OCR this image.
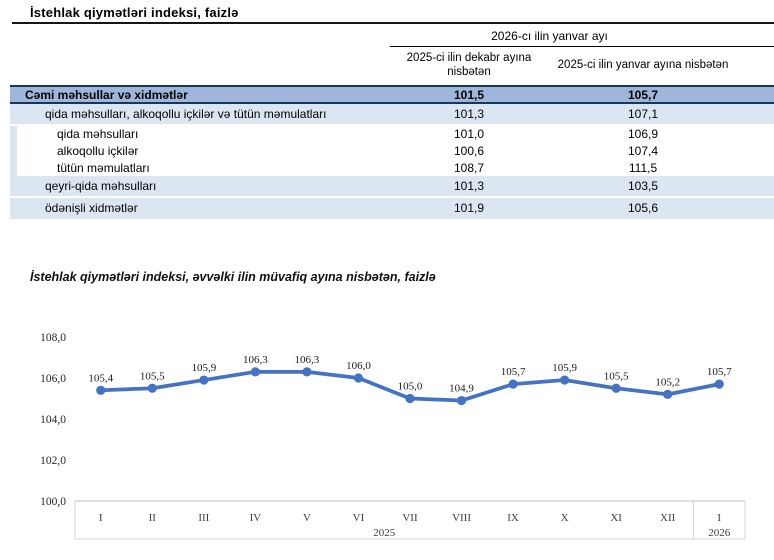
İstehlak qiymətləri indeksi, faizlə
		2026-cı ilin yanvar ayı		
		2025-ci ilin dekabr ayına nisbətən	2025-ci ilin yanvar ayına nisbətən	
	Cəmi məhsullar və xidmətlər	101,5	105,7	
	qida məhsulları, alkoqollu içkilər və tütün məmulatları	101,3	107,1	
	qida məhsulları	101,0	106,9	
	alkoqollu içkilər	100,6	107,4	
	tütün məmulatları	108,7	111,5	
	qeyri-qida məhsulları	101,3	103,5	
	ödənişli xidmətlər	101,9	105,6	
İstehlak qiymətləri indeksi, əvvəlki ilin müvafiq ayına nisbətən, faizlə
100,0
102,0
104,0
106,0
108,0
I	II	III	IV	V	VI	VII	VIII	IX	X	XI	XII	I
2025	2026
105,4 105,5
105,9
106,3 106,3
106,0
105,0 104,9
105,7 105,9
105,5
105,2
105,7
